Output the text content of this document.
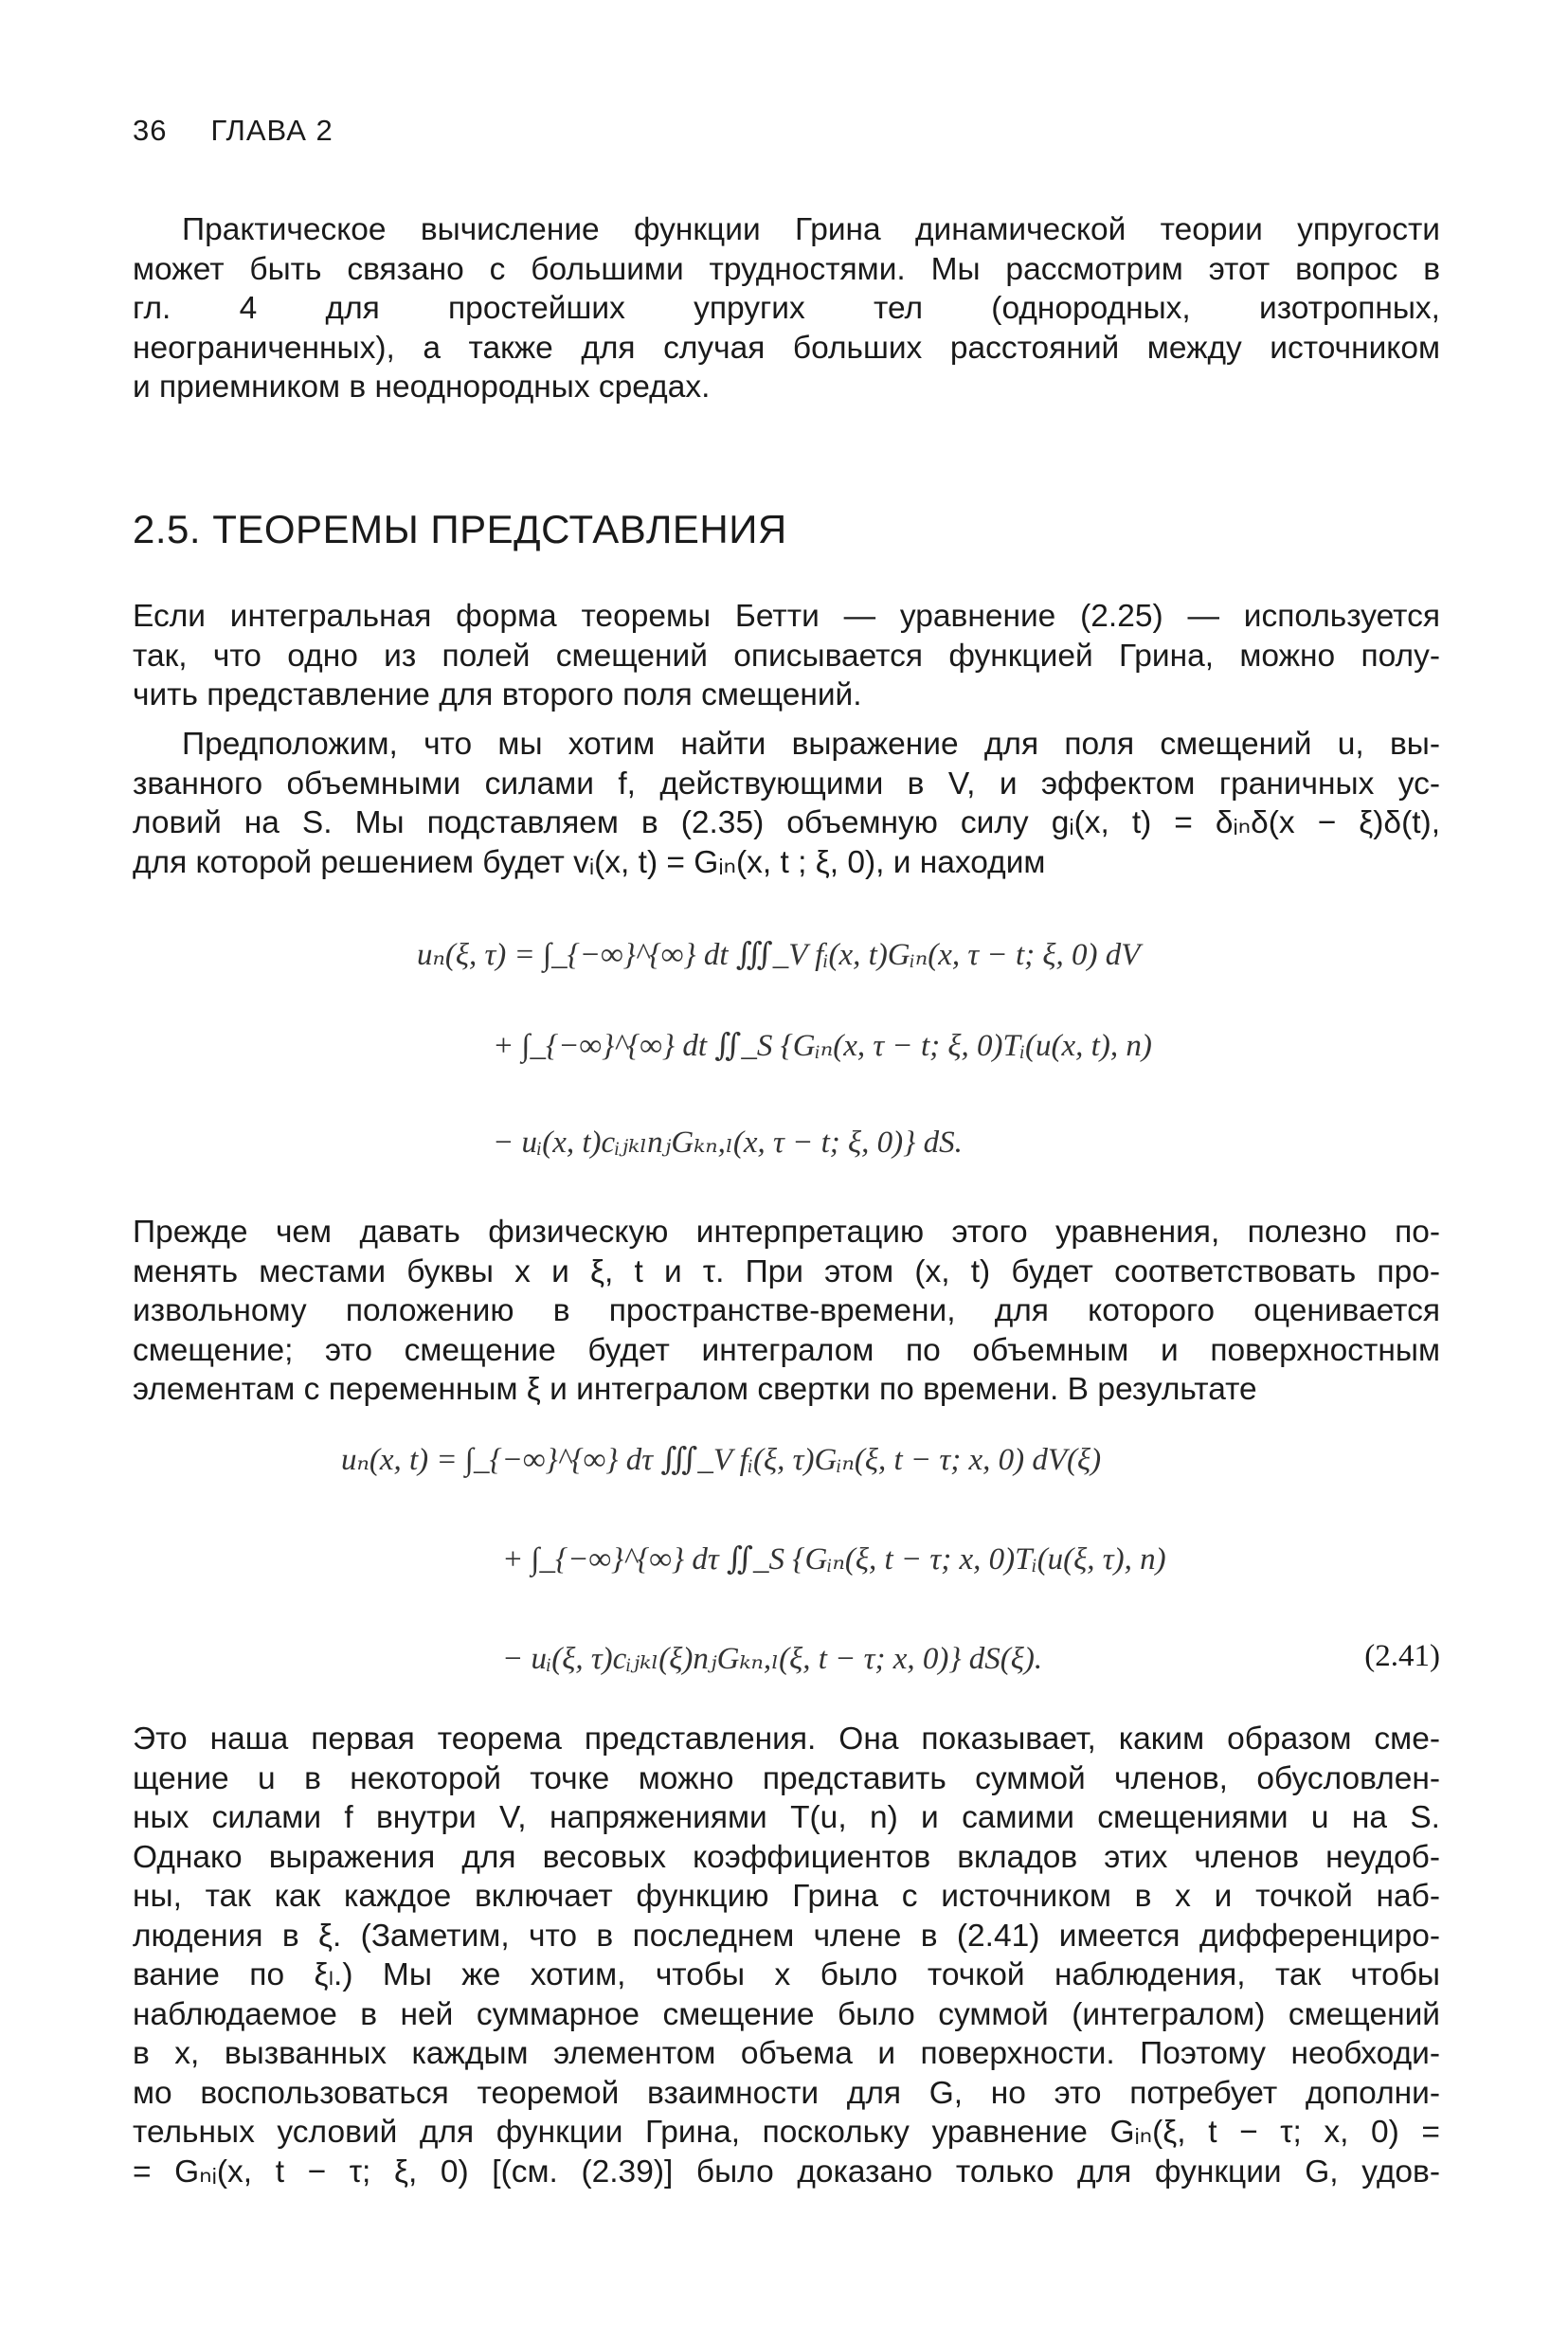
36 ГЛАВА 2
Практическое вычисление функции Грина динамической теории упругости
может быть связано с большими трудностями. Мы рассмотрим этот вопрос в
гл. 4 для простейших упругих тел (однородных, изотропных,
неограниченных), а также для случая больших расстояний между источником
и приемником в неоднородных средах.
2.5. ТЕОРЕМЫ ПРЕДСТАВЛЕНИЯ
Если интегральная форма теоремы Бетти — уравнение (2.25) — используется
так, что одно из полей смещений описывается функцией Грина, можно полу-
чить представление для второго поля смещений.
Предположим, что мы хотим найти выражение для поля смещений u, вы-
званного объемными силами f, действующими в V, и эффектом граничных ус-
ловий на S. Мы подставляем в (2.35) объемную силу gᵢ(x, t) = δᵢₙδ(x − ξ)δ(t),
для которой решением будет vᵢ(x, t) = Gᵢₙ(x, t ; ξ, 0), и находим
uₙ(ξ, τ) = ∫_{−∞}^{∞} dt ∭_V fᵢ(x, t)Gᵢₙ(x, τ − t; ξ, 0) dV
+ ∫_{−∞}^{∞} dt ∬_S {Gᵢₙ(x, τ − t; ξ, 0)Tᵢ(u(x, t), n)
− uᵢ(x, t)cᵢⱼₖₗnⱼGₖₙ,ₗ(x, τ − t; ξ, 0)} dS.
Прежде чем давать физическую интерпретацию этого уравнения, полезно по-
менять местами буквы x и ξ, t и τ. При этом (x, t) будет соответствовать про-
извольному положению в пространстве-времени, для которого оценивается
смещение; это смещение будет интегралом по объемным и поверхностным
элементам с переменным ξ и интегралом свертки по времени. В результате
uₙ(x, t) = ∫_{−∞}^{∞} dτ ∭_V fᵢ(ξ, τ)Gᵢₙ(ξ, t − τ; x, 0) dV(ξ)
+ ∫_{−∞}^{∞} dτ ∬_S {Gᵢₙ(ξ, t − τ; x, 0)Tᵢ(u(ξ, τ), n)
− uᵢ(ξ, τ)cᵢⱼₖₗ(ξ)nⱼGₖₙ,ₗ(ξ, t − τ; x, 0)} dS(ξ).	(2.41)
Это наша первая теорема представления. Она показывает, каким образом сме-
щение u в некоторой точке можно представить суммой членов, обусловлен-
ных силами f внутри V, напряжениями T(u, n) и самими смещениями u на S.
Однако выражения для весовых коэффициентов вкладов этих членов неудоб-
ны, так как каждое включает функцию Грина с источником в x и точкой наб-
людения в ξ. (Заметим, что в последнем члене в (2.41) имеется дифференциро-
вание по ξₗ.) Мы же хотим, чтобы x было точкой наблюдения, так чтобы
наблюдаемое в ней суммарное смещение было суммой (интегралом) смещений
в x, вызванных каждым элементом объема и поверхности. Поэтому необходи-
мо воспользоваться теоремой взаимности для G, но это потребует дополни-
тельных условий для функции Грина, поскольку уравнение Gᵢₙ(ξ, t − τ; x, 0) =
= Gₙᵢ(x, t − τ; ξ, 0) [(см. (2.39)] было доказано только для функции G, удов-
